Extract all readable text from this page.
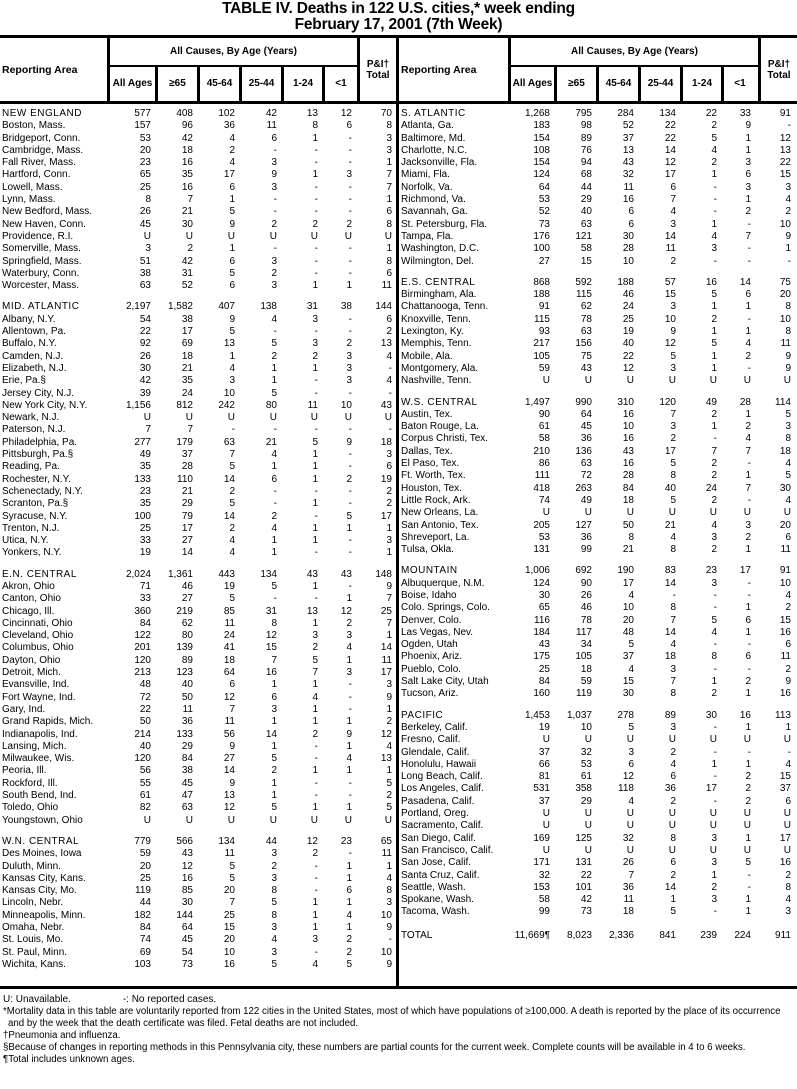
TABLE IV. Deaths in 122 U.S. cities,* week ending
February 17, 2001 (7th Week)
Reporting Area
All Causes, By Age (Years)
All Ages	≥65	45-64	25-44	1-24	<1
P&I†
Total
NEW ENGLAND	577	408	102	42	13	12	70
Boston, Mass.	157	96	36	11	8	6	8
Bridgeport, Conn.	53	42	4	6	1	-	3
Cambridge, Mass.	20	18	2	-	-	-	3
Fall River, Mass.	23	16	4	3	-	-	1
Hartford, Conn.	65	35	17	9	1	3	7
Lowell, Mass.	25	16	6	3	-	-	7
Lynn, Mass.	8	7	1	-	-	-	1
New Bedford, Mass.	26	21	5	-	-	-	6
New Haven, Conn.	45	30	9	2	2	2	8
Providence, R.I.	U	U	U	U	U	U	U
Somerville, Mass.	3	2	1	-	-	-	1
Springfield, Mass.	51	42	6	3	-	-	8
Waterbury, Conn.	38	31	5	2	-	-	6
Worcester, Mass.	63	52	6	3	1	1	11
MID. ATLANTIC	2,197	1,582	407	138	31	38	144
Albany, N.Y.	54	38	9	4	3	-	6
Allentown, Pa.	22	17	5	-	-	-	2
Buffalo, N.Y.	92	69	13	5	3	2	13
Camden, N.J.	26	18	1	2	2	3	4
Elizabeth, N.J.	30	21	4	1	1	3	-
Erie, Pa.§	42	35	3	1	-	3	4
Jersey City, N.J.	39	24	10	5	-	-	-
New York City, N.Y.	1,156	812	242	80	11	10	43
Newark, N.J.	U	U	U	U	U	U	U
Paterson, N.J.	7	7	-	-	-	-	-
Philadelphia, Pa.	277	179	63	21	5	9	18
Pittsburgh, Pa.§	49	37	7	4	1	-	3
Reading, Pa.	35	28	5	1	1	-	6
Rochester, N.Y.	133	110	14	6	1	2	19
Schenectady, N.Y.	23	21	2	-	-	-	2
Scranton, Pa.§	35	29	5	-	1	-	2
Syracuse, N.Y.	100	79	14	2	-	5	17
Trenton, N.J.	25	17	2	4	1	1	1
Utica, N.Y.	33	27	4	1	1	-	3
Yonkers, N.Y.	19	14	4	1	-	-	1
E.N. CENTRAL	2,024	1,361	443	134	43	43	148
Akron, Ohio	71	46	19	5	1	-	9
Canton, Ohio	33	27	5	-	-	1	7
Chicago, Ill.	360	219	85	31	13	12	25
Cincinnati, Ohio	84	62	11	8	1	2	7
Cleveland, Ohio	122	80	24	12	3	3	1
Columbus, Ohio	201	139	41	15	2	4	14
Dayton, Ohio	120	89	18	7	5	1	11
Detroit, Mich.	213	123	64	16	7	3	17
Evansville, Ind.	48	40	6	1	1	-	3
Fort Wayne, Ind.	72	50	12	6	4	-	9
Gary, Ind.	22	11	7	3	1	-	1
Grand Rapids, Mich.	50	36	11	1	1	1	2
Indianapolis, Ind.	214	133	56	14	2	9	12
Lansing, Mich.	40	29	9	1	-	1	4
Milwaukee, Wis.	120	84	27	5	-	4	13
Peoria, Ill.	56	38	14	2	1	1	1
Rockford, Ill.	55	45	9	1	-	-	5
South Bend, Ind.	61	47	13	1	-	-	2
Toledo, Ohio	82	63	12	5	1	1	5
Youngstown, Ohio	U	U	U	U	U	U	U
W.N. CENTRAL	779	566	134	44	12	23	65
Des Moines, Iowa	59	43	11	3	2	-	11
Duluth, Minn.	20	12	5	2	-	1	1
Kansas City, Kans.	25	16	5	3	-	1	4
Kansas City, Mo.	119	85	20	8	-	6	8
Lincoln, Nebr.	44	30	7	5	1	1	3
Minneapolis, Minn.	182	144	25	8	1	4	10
Omaha, Nebr.	84	64	15	3	1	1	9
St. Louis, Mo.	74	45	20	4	3	2	-
St. Paul, Minn.	69	54	10	3	-	2	10
Wichita, Kans.	103	73	16	5	4	5	9
Reporting Area
All Causes, By Age (Years)
All Ages	≥65	45-64	25-44	1-24	<1
P&I†
Total
S. ATLANTIC	1,268	795	284	134	22	33	91
Atlanta, Ga.	183	98	52	22	2	9	-
Baltimore, Md.	154	89	37	22	5	1	12
Charlotte, N.C.	108	76	13	14	4	1	13
Jacksonville, Fla.	154	94	43	12	2	3	22
Miami, Fla.	124	68	32	17	1	6	15
Norfolk, Va.	64	44	11	6	-	3	3
Richmond, Va.	53	29	16	7	-	1	4
Savannah, Ga.	52	40	6	4	-	2	2
St. Petersburg, Fla.	73	63	6	3	1	-	10
Tampa, Fla.	176	121	30	14	4	7	9
Washington, D.C.	100	58	28	11	3	-	1
Wilmington, Del.	27	15	10	2	-	-	-
E.S. CENTRAL	868	592	188	57	16	14	75
Birmingham, Ala.	188	115	46	15	5	6	20
Chattanooga, Tenn.	91	62	24	3	1	1	8
Knoxville, Tenn.	115	78	25	10	2	-	10
Lexington, Ky.	93	63	19	9	1	1	8
Memphis, Tenn.	217	156	40	12	5	4	11
Mobile, Ala.	105	75	22	5	1	2	9
Montgomery, Ala.	59	43	12	3	1	-	9
Nashville, Tenn.	U	U	U	U	U	U	U
W.S. CENTRAL	1,497	990	310	120	49	28	114
Austin, Tex.	90	64	16	7	2	1	5
Baton Rouge, La.	61	45	10	3	1	2	3
Corpus Christi, Tex.	58	36	16	2	-	4	8
Dallas, Tex.	210	136	43	17	7	7	18
El Paso, Tex.	86	63	16	5	2	-	4
Ft. Worth, Tex.	111	72	28	8	2	1	5
Houston, Tex.	418	263	84	40	24	7	30
Little Rock, Ark.	74	49	18	5	2	-	4
New Orleans, La.	U	U	U	U	U	U	U
San Antonio, Tex.	205	127	50	21	4	3	20
Shreveport, La.	53	36	8	4	3	2	6
Tulsa, Okla.	131	99	21	8	2	1	11
MOUNTAIN	1,006	692	190	83	23	17	91
Albuquerque, N.M.	124	90	17	14	3	-	10
Boise, Idaho	30	26	4	-	-	-	4
Colo. Springs, Colo.	65	46	10	8	-	1	2
Denver, Colo.	116	78	20	7	5	6	15
Las Vegas, Nev.	184	117	48	14	4	1	16
Ogden, Utah	43	34	5	4	-	-	6
Phoenix, Ariz.	175	105	37	18	8	6	11
Pueblo, Colo.	25	18	4	3	-	-	2
Salt Lake City, Utah	84	59	15	7	1	2	9
Tucson, Ariz.	160	119	30	8	2	1	16
PACIFIC	1,453	1,037	278	89	30	16	113
Berkeley, Calif.	19	10	5	3	-	1	1
Fresno, Calif.	U	U	U	U	U	U	U
Glendale, Calif.	37	32	3	2	-	-	-
Honolulu, Hawaii	66	53	6	4	1	1	4
Long Beach, Calif.	81	61	12	6	-	2	15
Los Angeles, Calif.	531	358	118	36	17	2	37
Pasadena, Calif.	37	29	4	2	-	2	6
Portland, Oreg.	U	U	U	U	U	U	U
Sacramento, Calif.	U	U	U	U	U	U	U
San Diego, Calif.	169	125	32	8	3	1	17
San Francisco, Calif.	U	U	U	U	U	U	U
San Jose, Calif.	171	131	26	6	3	5	16
Santa Cruz, Calif.	32	22	7	2	1	-	2
Seattle, Wash.	153	101	36	14	2	-	8
Spokane, Wash.	58	42	11	1	3	1	4
Tacoma, Wash.	99	73	18	5	-	1	3
TOTAL	11,669¶	8,023	2,336	841	239	224	911
U: Unavailable.	-: No reported cases.
*Mortality data in this table are voluntarily reported from 122 cities in the United States, most of which have populations of ≥100,000. A death is reported by the place of its occurrence and by the week that the death certificate was filed. Fetal deaths are not included.
†Pneumonia and influenza.
§Because of changes in reporting methods in this Pennsylvania city, these numbers are partial counts for the current week. Complete counts will be available in 4 to 6 weeks.
¶Total includes unknown ages.
